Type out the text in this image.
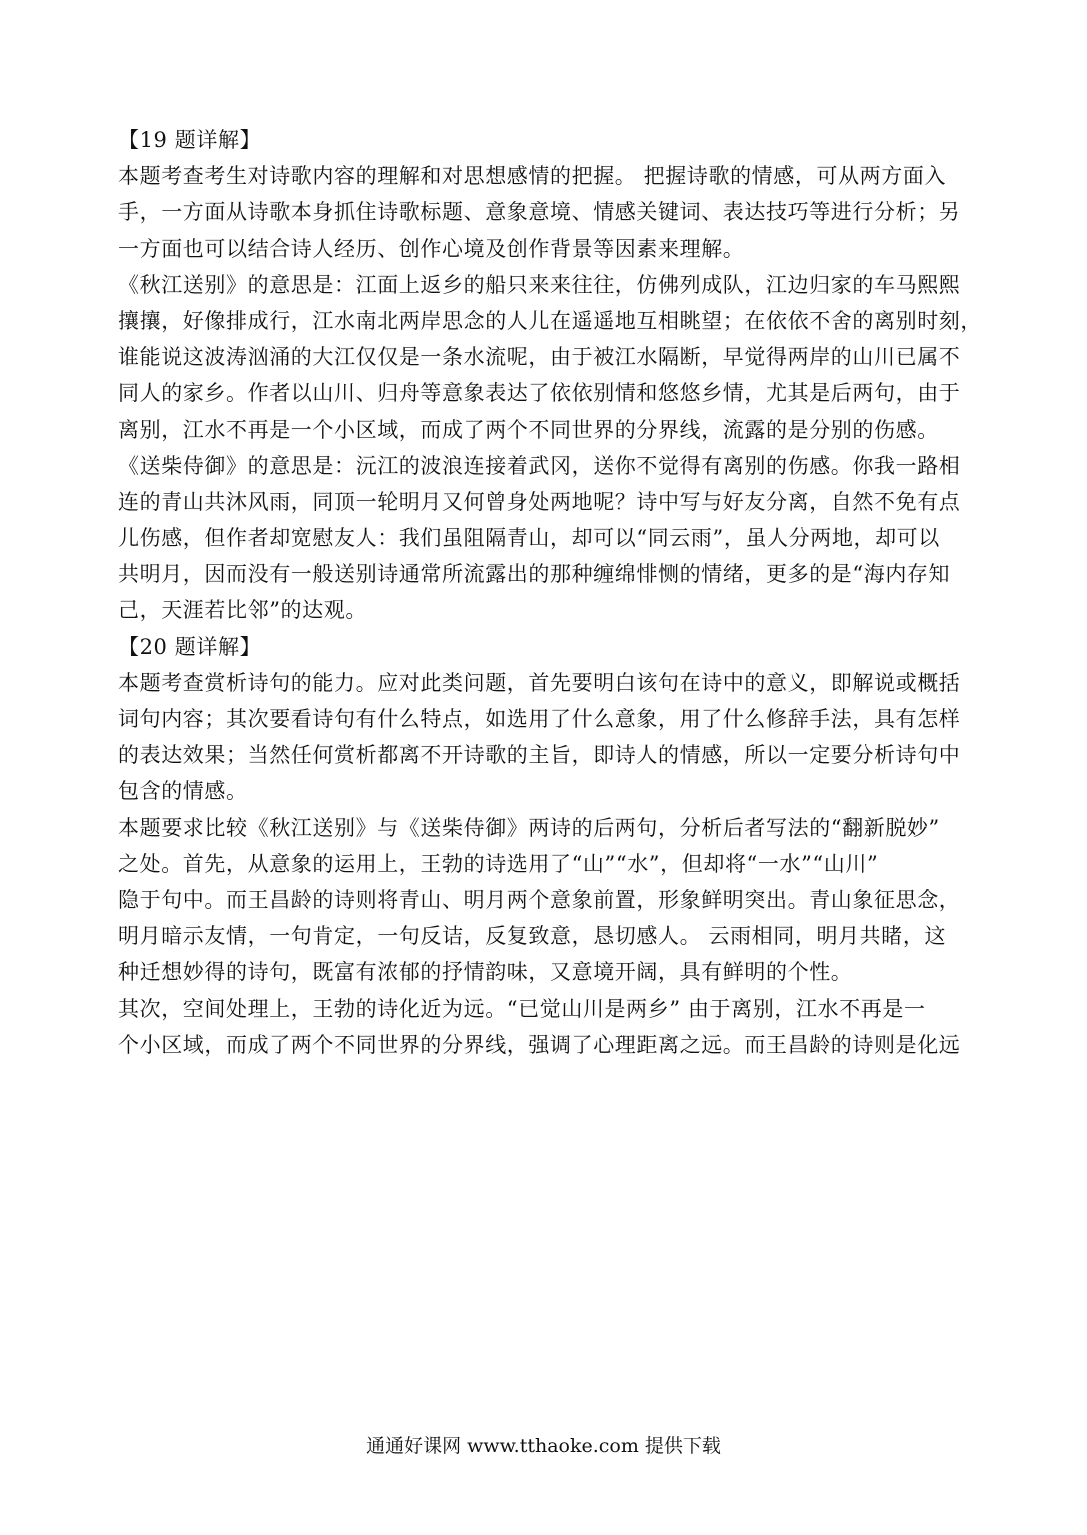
【19 题详解】
本题考查考生对诗歌内容的理解和对思想感情的把握。 把握诗歌的情感，可从两方面入
手，一方面从诗歌本身抓住诗歌标题、意象意境、情感关键词、表达技巧等进行分析；另
一方面也可以结合诗人经历、创作心境及创作背景等因素来理解。
《秋江送别》的意思是：江面上返乡的船只来来往往，仿佛列成队，江边归家的车马熙熙
攘攘，好像排成行，江水南北两岸思念的人儿在遥遥地互相眺望；在依依不舍的离别时刻，
谁能说这波涛汹涌的大江仅仅是一条水流呢，由于被江水隔断，早觉得两岸的山川已属不
同人的家乡。作者以山川、归舟等意象表达了依依别情和悠悠乡情，尤其是后两句，由于
离别，江水不再是一个小区域，而成了两个不同世界的分界线，流露的是分别的伤感。
《送柴侍御》的意思是：沅江的波浪连接着武冈，送你不觉得有离别的伤感。你我一路相
连的青山共沐风雨，同顶一轮明月又何曾身处两地呢？诗中写与好友分离，自然不免有点
儿伤感，但作者却宽慰友人：我们虽阻隔青山，却可以“同云雨”，虽人分两地，却可以
共明月，因而没有一般送别诗通常所流露出的那种缠绵悱恻的情绪，更多的是“海内存知
己，天涯若比邻”的达观。
【20 题详解】
本题考查赏析诗句的能力。应对此类问题，首先要明白该句在诗中的意义，即解说或概括
词句内容；其次要看诗句有什么特点，如选用了什么意象，用了什么修辞手法，具有怎样
的表达效果；当然任何赏析都离不开诗歌的主旨，即诗人的情感，所以一定要分析诗句中
包含的情感。
本题要求比较《秋江送别》与《送柴侍御》两诗的后两句，分析后者写法的“翻新脱妙”
之处。首先，从意象的运用上，王勃的诗选用了“山”“水”，但却将“一水”“山川”
隐于句中。而王昌龄的诗则将青山、明月两个意象前置，形象鲜明突出。青山象征思念，
明月暗示友情，一句肯定，一句反诘，反复致意，恳切感人。 云雨相同，明月共睹，这
种迁想妙得的诗句，既富有浓郁的抒情韵味，又意境开阔，具有鲜明的个性。
其次，空间处理上，王勃的诗化近为远。“已觉山川是两乡” 由于离别，江水不再是一
个小区域，而成了两个不同世界的分界线，强调了心理距离之远。而王昌龄的诗则是化远
通通好课网 www.tthaoke.com 提供下载
